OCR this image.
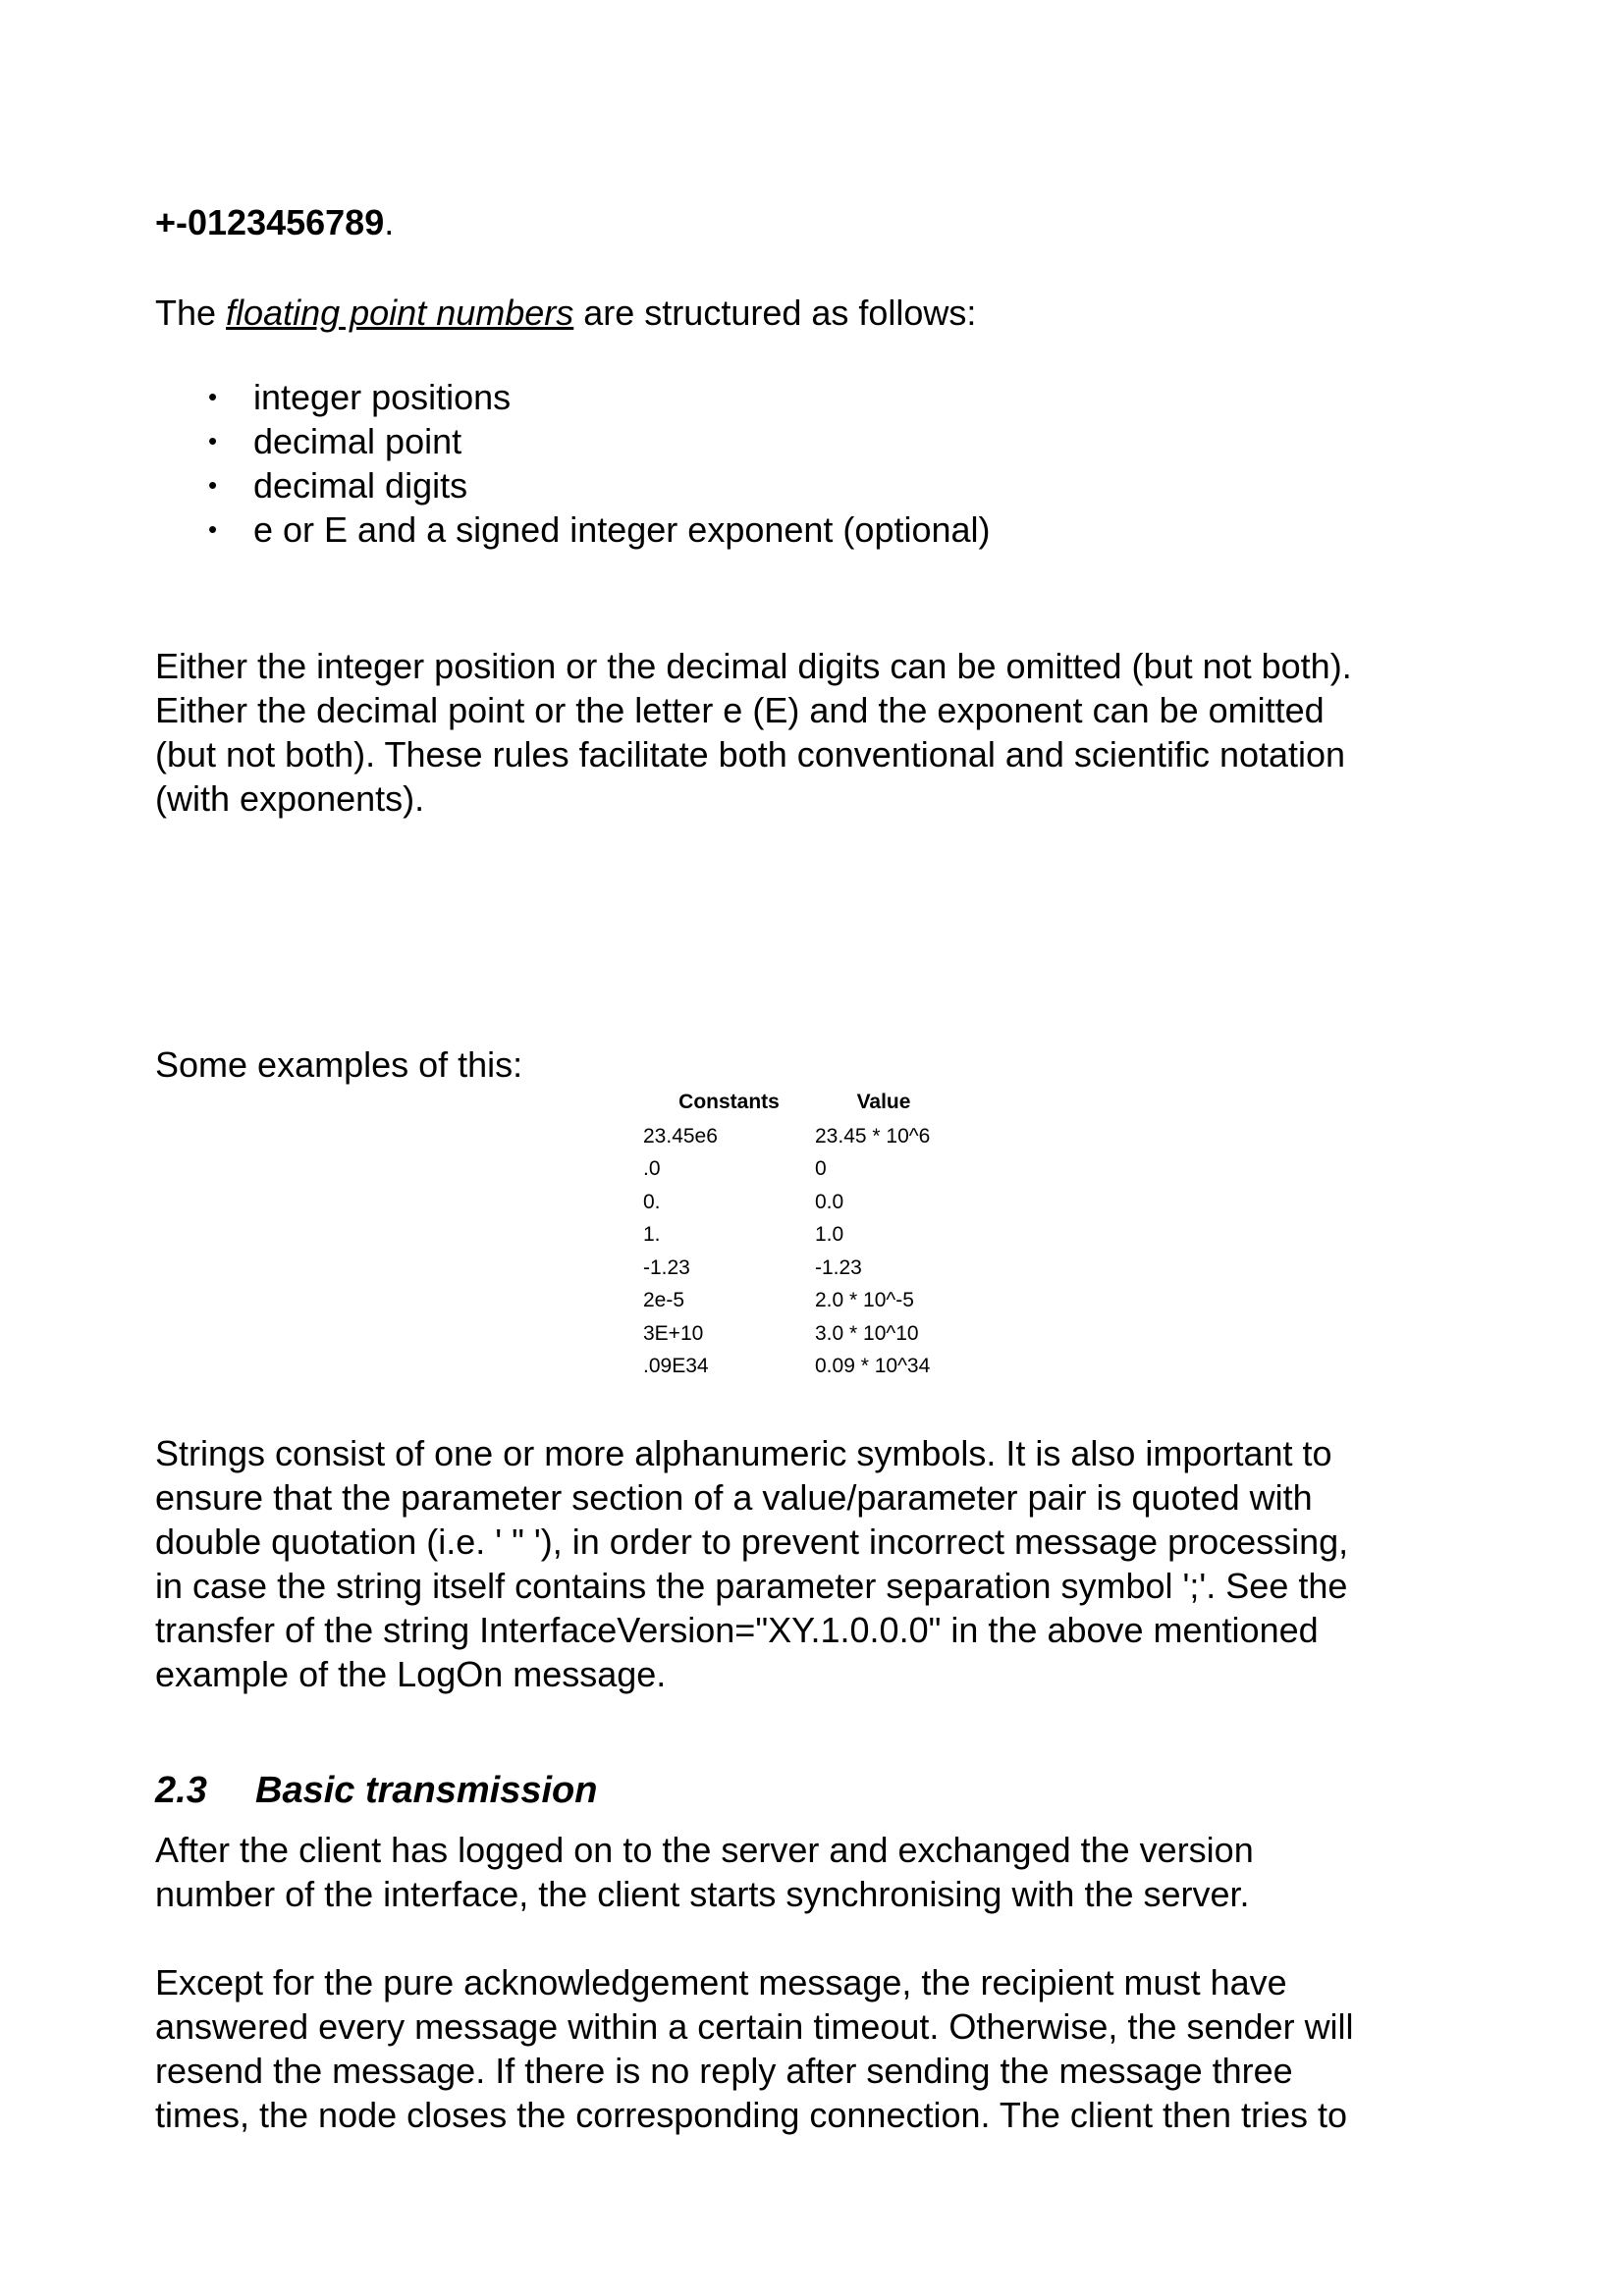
+-0123456789.

The floating point numbers are structured as follows:

• integer positions
• decimal point
• decimal digits
• e or E and a signed integer exponent (optional)
Either the integer position or the decimal digits can be omitted (but not both).
Either the decimal point or the letter e (E) and the exponent can be omitted
(but not both). These rules facilitate both conventional and scientific notation
(with exponents).

Some examples of this:

Constants	Value
23.45e6	23.45 * 10^6
.0	0
0.	0.0
1.	1.0
-1.23	-1.23
2e-5	2.0 * 10^-5
3E+10	3.0 * 10^10
.09E34	0.09 * 10^34
Strings consist of one or more alphanumeric symbols. It is also important to
ensure that the parameter section of a value/parameter pair is quoted with
double quotation (i.e. ' " '), in order to prevent incorrect message processing,
in case the string itself contains the parameter separation symbol ';'. See the
transfer of the string InterfaceVersion="XY.1.0.0.0" in the above mentioned
example of the LogOn message.
2.3 Basic transmission
After the client has logged on to the server and exchanged the version
number of the interface, the client starts synchronising with the server.
Except for the pure acknowledgement message, the recipient must have
answered every message within a certain timeout. Otherwise, the sender will
resend the message. If there is no reply after sending the message three
times, the node closes the corresponding connection. The client then tries to
